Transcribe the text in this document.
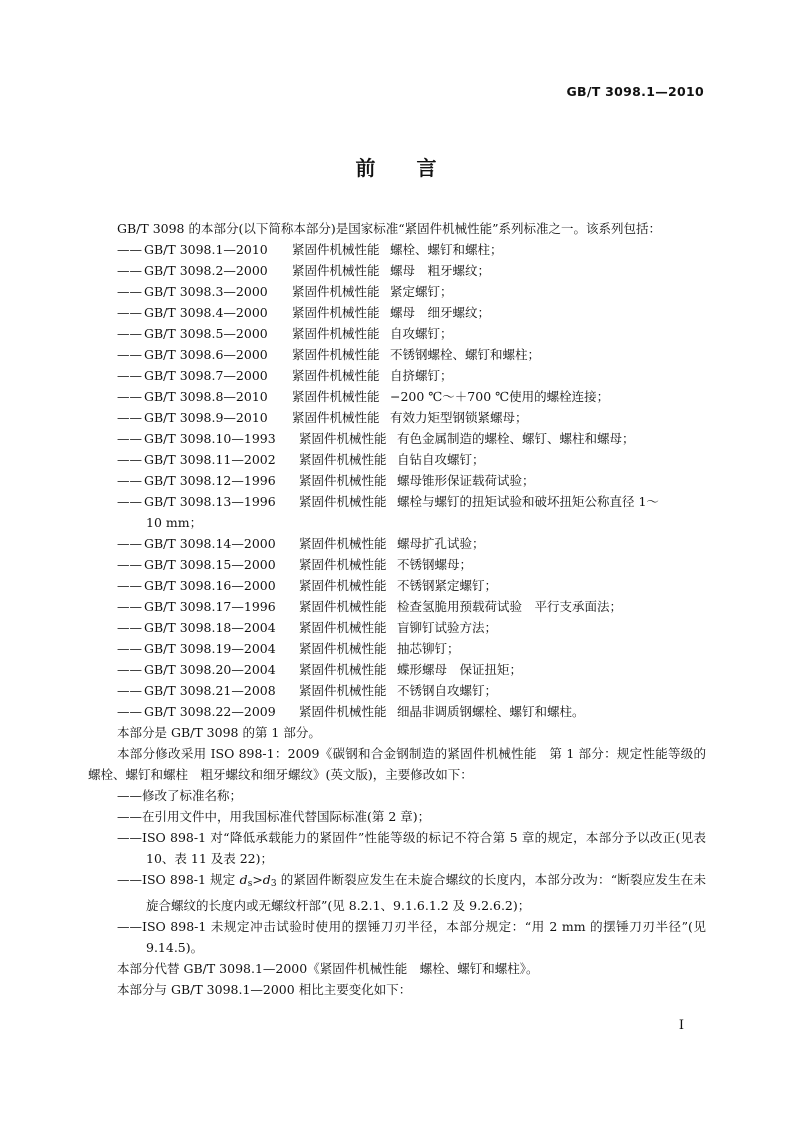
GB/T 3098.1—2010
前 言

GB/T 3098 的本部分(以下简称本部分)是国家标准“紧固件机械性能”系列标准之一。该系列包括：

—— GB/T 3098.1—2010 紧固件机械性能 螺栓、螺钉和螺柱；

—— GB/T 3098.2—2000 紧固件机械性能 螺母　粗牙螺纹；

—— GB/T 3098.3—2000 紧固件机械性能 紧定螺钉；

—— GB/T 3098.4—2000 紧固件机械性能 螺母　细牙螺纹；

—— GB/T 3098.5—2000 紧固件机械性能 自攻螺钉；

—— GB/T 3098.6—2000 紧固件机械性能 不锈钢螺栓、螺钉和螺柱；

—— GB/T 3098.7—2000 紧固件机械性能 自挤螺钉；

—— GB/T 3098.8—2010 紧固件机械性能 −200 ℃～＋700 ℃使用的螺栓连接；

—— GB/T 3098.9—2010 紧固件机械性能 有效力矩型钢锁紧螺母；

—— GB/T 3098.10—1993 紧固件机械性能 有色金属制造的螺栓、螺钉、螺柱和螺母；

—— GB/T 3098.11—2002 紧固件机械性能 自钻自攻螺钉；

—— GB/T 3098.12—1996 紧固件机械性能 螺母锥形保证载荷试验；

—— GB/T 3098.13—1996 紧固件机械性能 螺栓与螺钉的扭矩试验和破坏扭矩公称直径 1～

10 mm；

—— GB/T 3098.14—2000 紧固件机械性能 螺母扩孔试验；

—— GB/T 3098.15—2000 紧固件机械性能 不锈钢螺母；

—— GB/T 3098.16—2000 紧固件机械性能 不锈钢紧定螺钉；

—— GB/T 3098.17—1996 紧固件机械性能 检查氢脆用预载荷试验　平行支承面法；

—— GB/T 3098.18—2004 紧固件机械性能 盲铆钉试验方法；

—— GB/T 3098.19—2004 紧固件机械性能 抽芯铆钉；

—— GB/T 3098.20—2004 紧固件机械性能 蝶形螺母　保证扭矩；

—— GB/T 3098.21—2008 紧固件机械性能 不锈钢自攻螺钉；

—— GB/T 3098.22—2009 紧固件机械性能 细晶非调质钢螺栓、螺钉和螺柱。

本部分是 GB/T 3098 的第 1 部分。

本部分修改采用 ISO 898-1：2009《碳钢和合金钢制造的紧固件机械性能　第 1 部分：规定性能等级的螺栓、螺钉和螺柱　粗牙螺纹和细牙螺纹》(英文版)，主要修改如下：

——修改了标准名称；

——在引用文件中，用我国标准代替国际标准(第 2 章)；

——ISO 898-1 对“降低承载能力的紧固件”性能等级的标记不符合第 5 章的规定，本部分予以改正(见表 10、表 11 及表 22)；

——ISO 898-1 规定 $d_s>d_3$ 的紧固件断裂应发生在未旋合螺纹的长度内，本部分改为：“断裂应发生在未旋合螺纹的长度内或无螺纹杆部”(见 8.2.1、9.1.6.1.2 及 9.2.6.2)；

——ISO 898-1 未规定冲击试验时使用的摆锤刀刃半径，本部分规定：“用 2 mm 的摆锤刀刃半径”(见 9.14.5)。

本部分代替 GB/T 3098.1—2000《紧固件机械性能　螺栓、螺钉和螺柱》。

本部分与 GB/T 3098.1—2000 相比主要变化如下：

I
